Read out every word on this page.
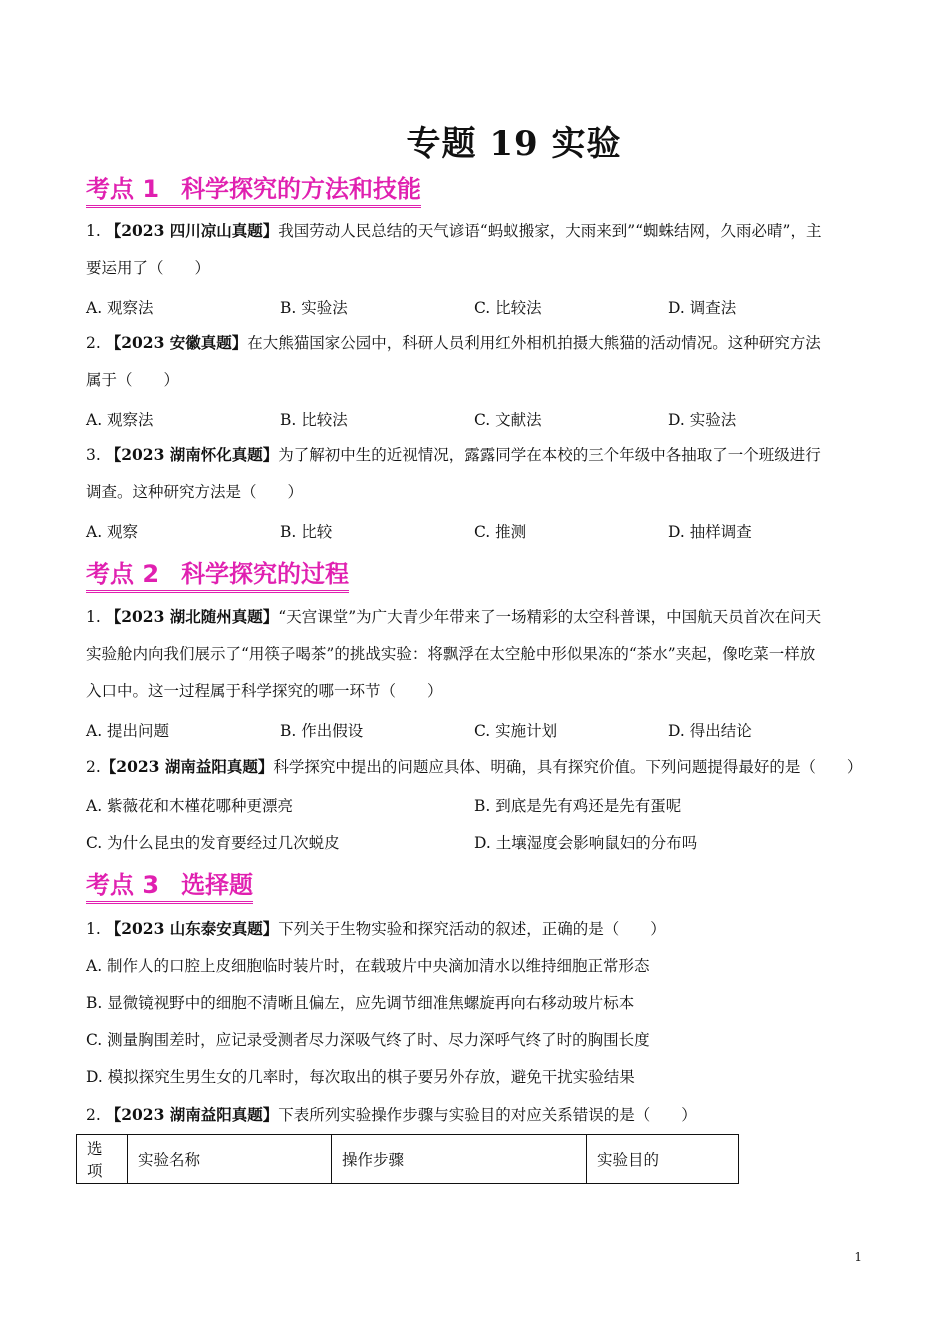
专题 19 实验
考点 1 科学探究的方法和技能
1. 【2023 四川凉山真题】我国劳动人民总结的天气谚语“蚂蚁搬家，大雨来到”“蜘蛛结网，久雨必晴”，主
要运用了（　　）
A. 观察法	B. 实验法	C. 比较法	D. 调查法
2. 【2023 安徽真题】在大熊猫国家公园中，科研人员利用红外相机拍摄大熊猫的活动情况。这种研究方法
属于（　　）
A. 观察法	B. 比较法	C. 文献法	D. 实验法
3. 【2023 湖南怀化真题】为了解初中生的近视情况，露露同学在本校的三个年级中各抽取了一个班级进行
调查。这种研究方法是（　　）
A. 观察	B. 比较	C. 推测	D. 抽样调查
考点 2 科学探究的过程
1. 【2023 湖北随州真题】“天宫课堂”为广大青少年带来了一场精彩的太空科普课，中国航天员首次在问天
实验舱内向我们展示了“用筷子喝茶”的挑战实验：将飘浮在太空舱中形似果冻的“茶水”夹起，像吃菜一样放
入口中。这一过程属于科学探究的哪一环节（　　）
A. 提出问题	B. 作出假设	C. 实施计划	D. 得出结论
2.【2023 湖南益阳真题】科学探究中提出的问题应具体、明确，具有探究价值。下列问题提得最好的是（　　）
A. 紫薇花和木槿花哪种更漂亮	B. 到底是先有鸡还是先有蛋呢
C. 为什么昆虫的发育要经过几次蜕皮	D. 土壤湿度会影响鼠妇的分布吗
考点 3 选择题
1. 【2023 山东泰安真题】下列关于生物实验和探究活动的叙述，正确的是（　　）
A. 制作人的口腔上皮细胞临时装片时，在载玻片中央滴加清水以维持细胞正常形态
B. 显微镜视野中的细胞不清晰且偏左，应先调节细准焦螺旋再向右移动玻片标本
C. 测量胸围差时，应记录受测者尽力深吸气终了时、尽力深呼气终了时的胸围长度
D. 模拟探究生男生女的几率时，每次取出的棋子要另外存放，避免干扰实验结果
2. 【2023 湖南益阳真题】下表所列实验操作步骤与实验目的对应关系错误的是（　　）
选项	实验名称	操作步骤	实验目的
1
